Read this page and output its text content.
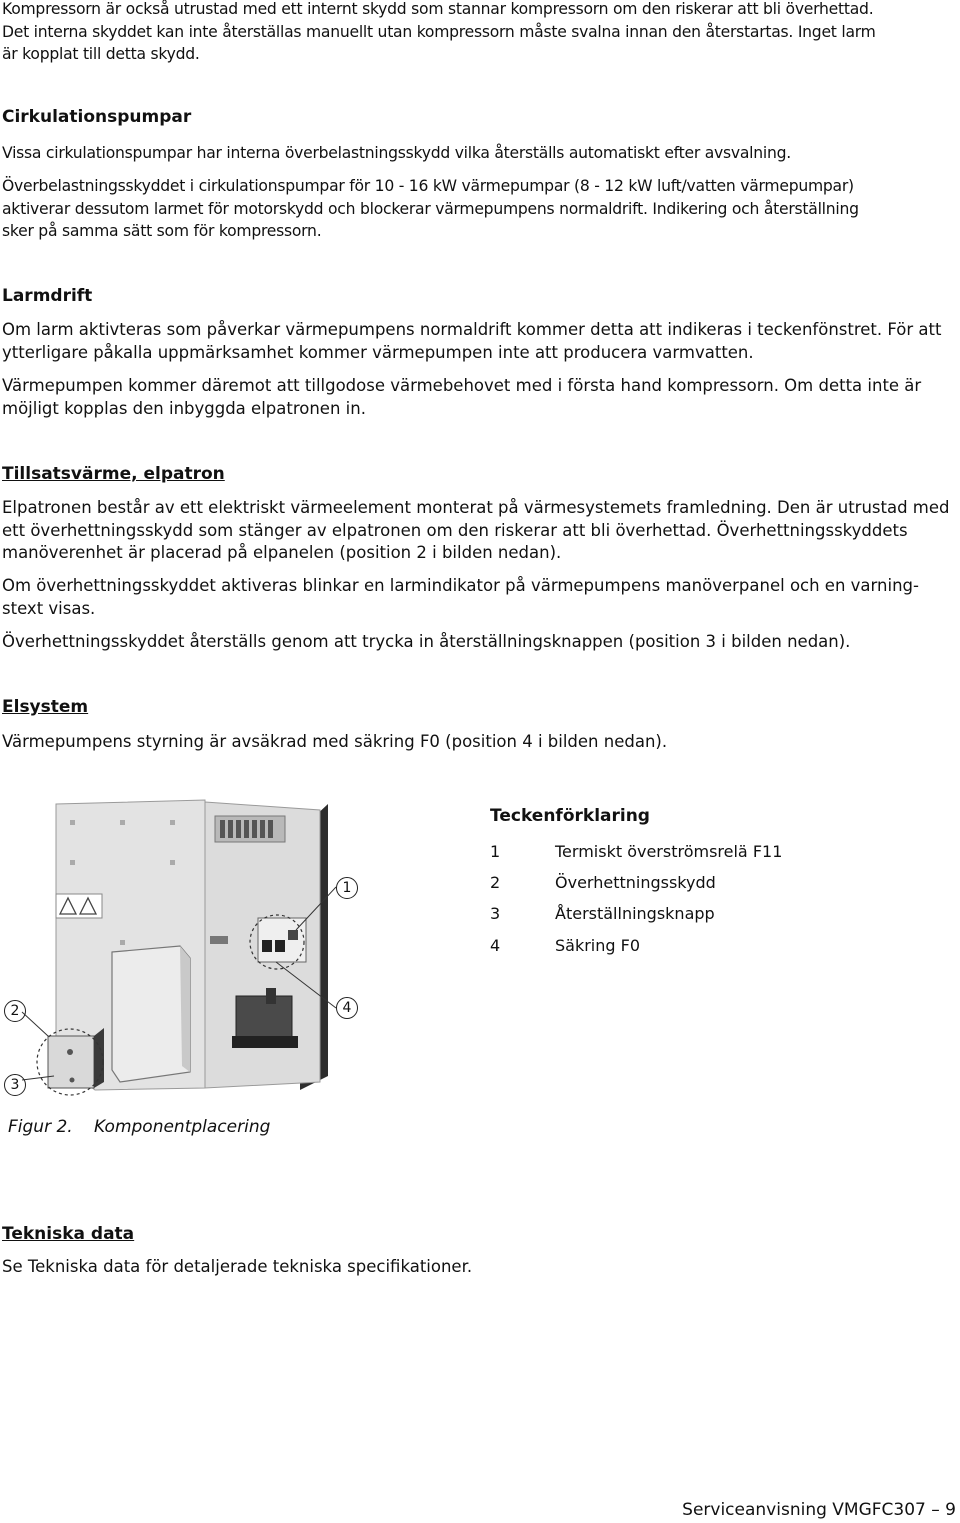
Kompressorn är också utrustad med ett internt skydd som stannar kompressorn om den riskerar att bli överhettad.

Det interna skyddet kan inte återställas manuellt utan kompressorn måste svalna innan den återstartas. Inget larm

är kopplat till detta skydd.

Cirkulationspumpar

Vissa cirkulationspumpar har interna överbelastningsskydd vilka återställs automatiskt efter avsvalning.

Överbelastningsskyddet i cirkulationspumpar för 10 - 16 kW värmepumpar (8 - 12 kW luft/vatten värmepumpar)

aktiverar dessutom larmet för motorskydd och blockerar värmepumpens normaldrift. Indikering och återställning

sker på samma sätt som för kompressorn.

Larmdrift

Om larm aktivteras som påverkar värmepumpens normaldrift kommer detta att indikeras i teckenfönstret. För att

ytterligare påkalla uppmärksamhet kommer värmepumpen inte att producera varmvatten.

Värmepumpen kommer däremot att tillgodose värmebehovet med i första hand kompressorn. Om detta inte är

möjligt kopplas den inbyggda elpatronen in.

Tillsatsvärme, elpatron

Elpatronen består av ett elektriskt värmeelement monterat på värmesystemets framledning. Den är utrustad med

ett överhettningsskydd som stänger av elpatronen om den riskerar att bli överhettad. Överhettningsskyddets

manöverenhet är placerad på elpanelen (position 2 i bilden nedan).

Om överhettningsskyddet aktiveras blinkar en larmindikator på värmepumpens manöverpanel och en varning-

stext visas.

Överhettningsskyddet återställs genom att trycka in återställningsknappen (position 3 i bilden nedan).

Elsystem

Värmepumpens styrning är avsäkrad med säkring F0 (position 4 i bilden nedan).

1
2
3
4
Teckenförklaring
1	Termiskt överströmsrelä F11
2	Överhettningsskydd
3	Återställningsknapp
4	Säkring F0
Figur 2. Komponentplacering

Tekniska data

Se Tekniska data för detaljerade tekniska specifikationer.

Serviceanvisning VMGFC307 – 9
